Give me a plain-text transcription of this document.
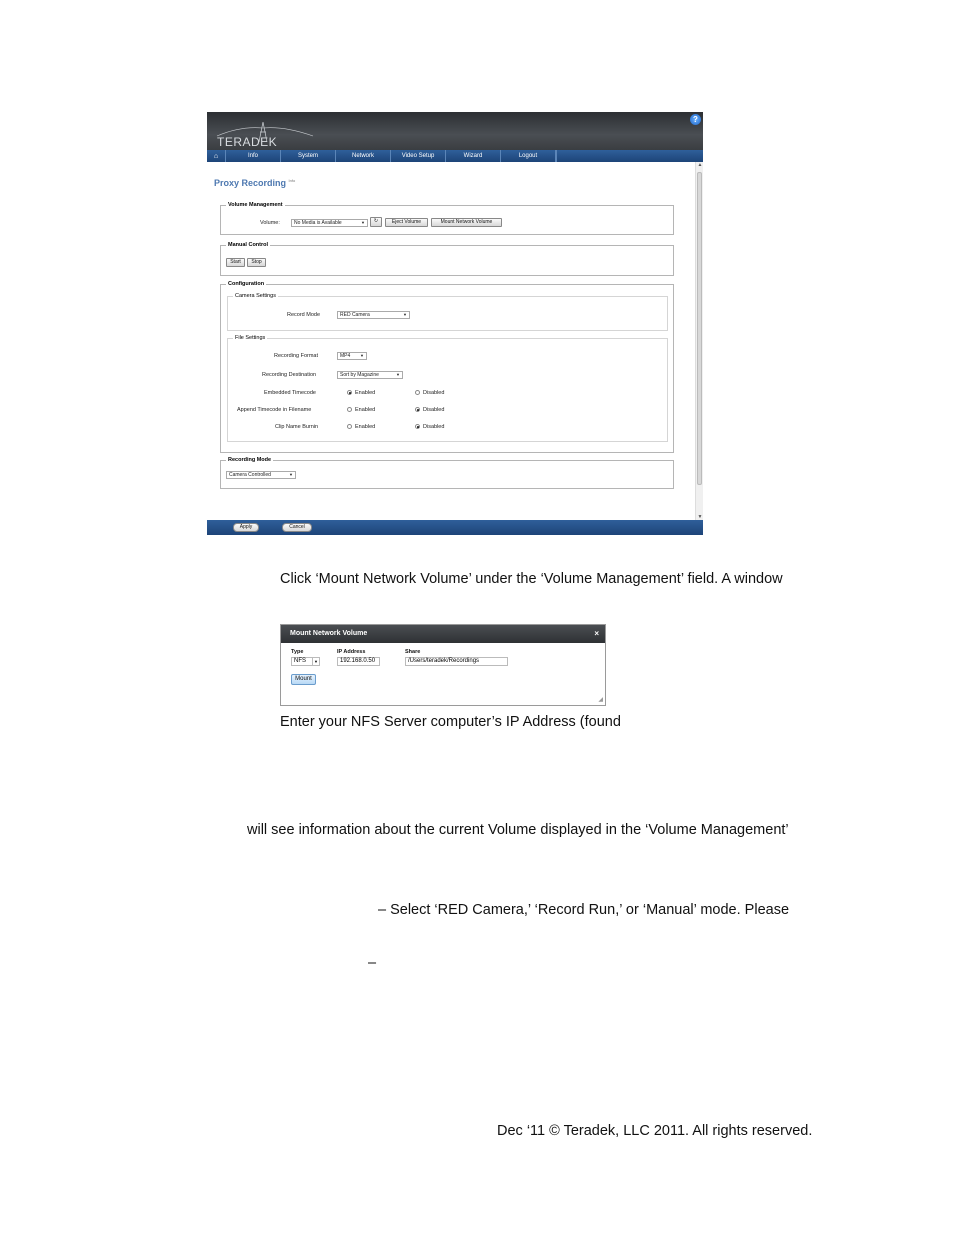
TERADEK
?
⌂	Info	System	Network	Video Setup	Wizard	Logout
Proxy Recording $^{Info}$
Volume Management
Volume:	No Media is Available	▼	↻	Eject Volume	Mount Network Volume
Manual Control
Start	Stop
Configuration
Camera Settings
Record Mode	RED Camera	▼
File Settings
Recording Format	MP4 ▼
Recording Destination	Sort by Magazine	▼
Embedded Timecode	Enabled	Disabled
Append Timecode in Filename	Enabled	Disabled
Clip Name Burnin	Enabled	Disabled
Recording Mode
Camera Controlled	▼
▲
▼
Apply	Cancel
Click ‘Mount Network Volume’ under the ‘Volume Management’ field. A window
Mount Network Volume	×
Type	IP Address	Share
NFS	▼	192.168.0.50	/Users/teradek/Recordings
Mount
◢
Enter your NFS Server computer’s IP Address (found
will see information about the current Volume displayed in the ‘Volume Management’
– Select ‘RED Camera,’ ‘Record Run,’ or ‘Manual’ mode. Please
–
Dec ‘11 © Teradek, LLC 2011. All rights reserved.
